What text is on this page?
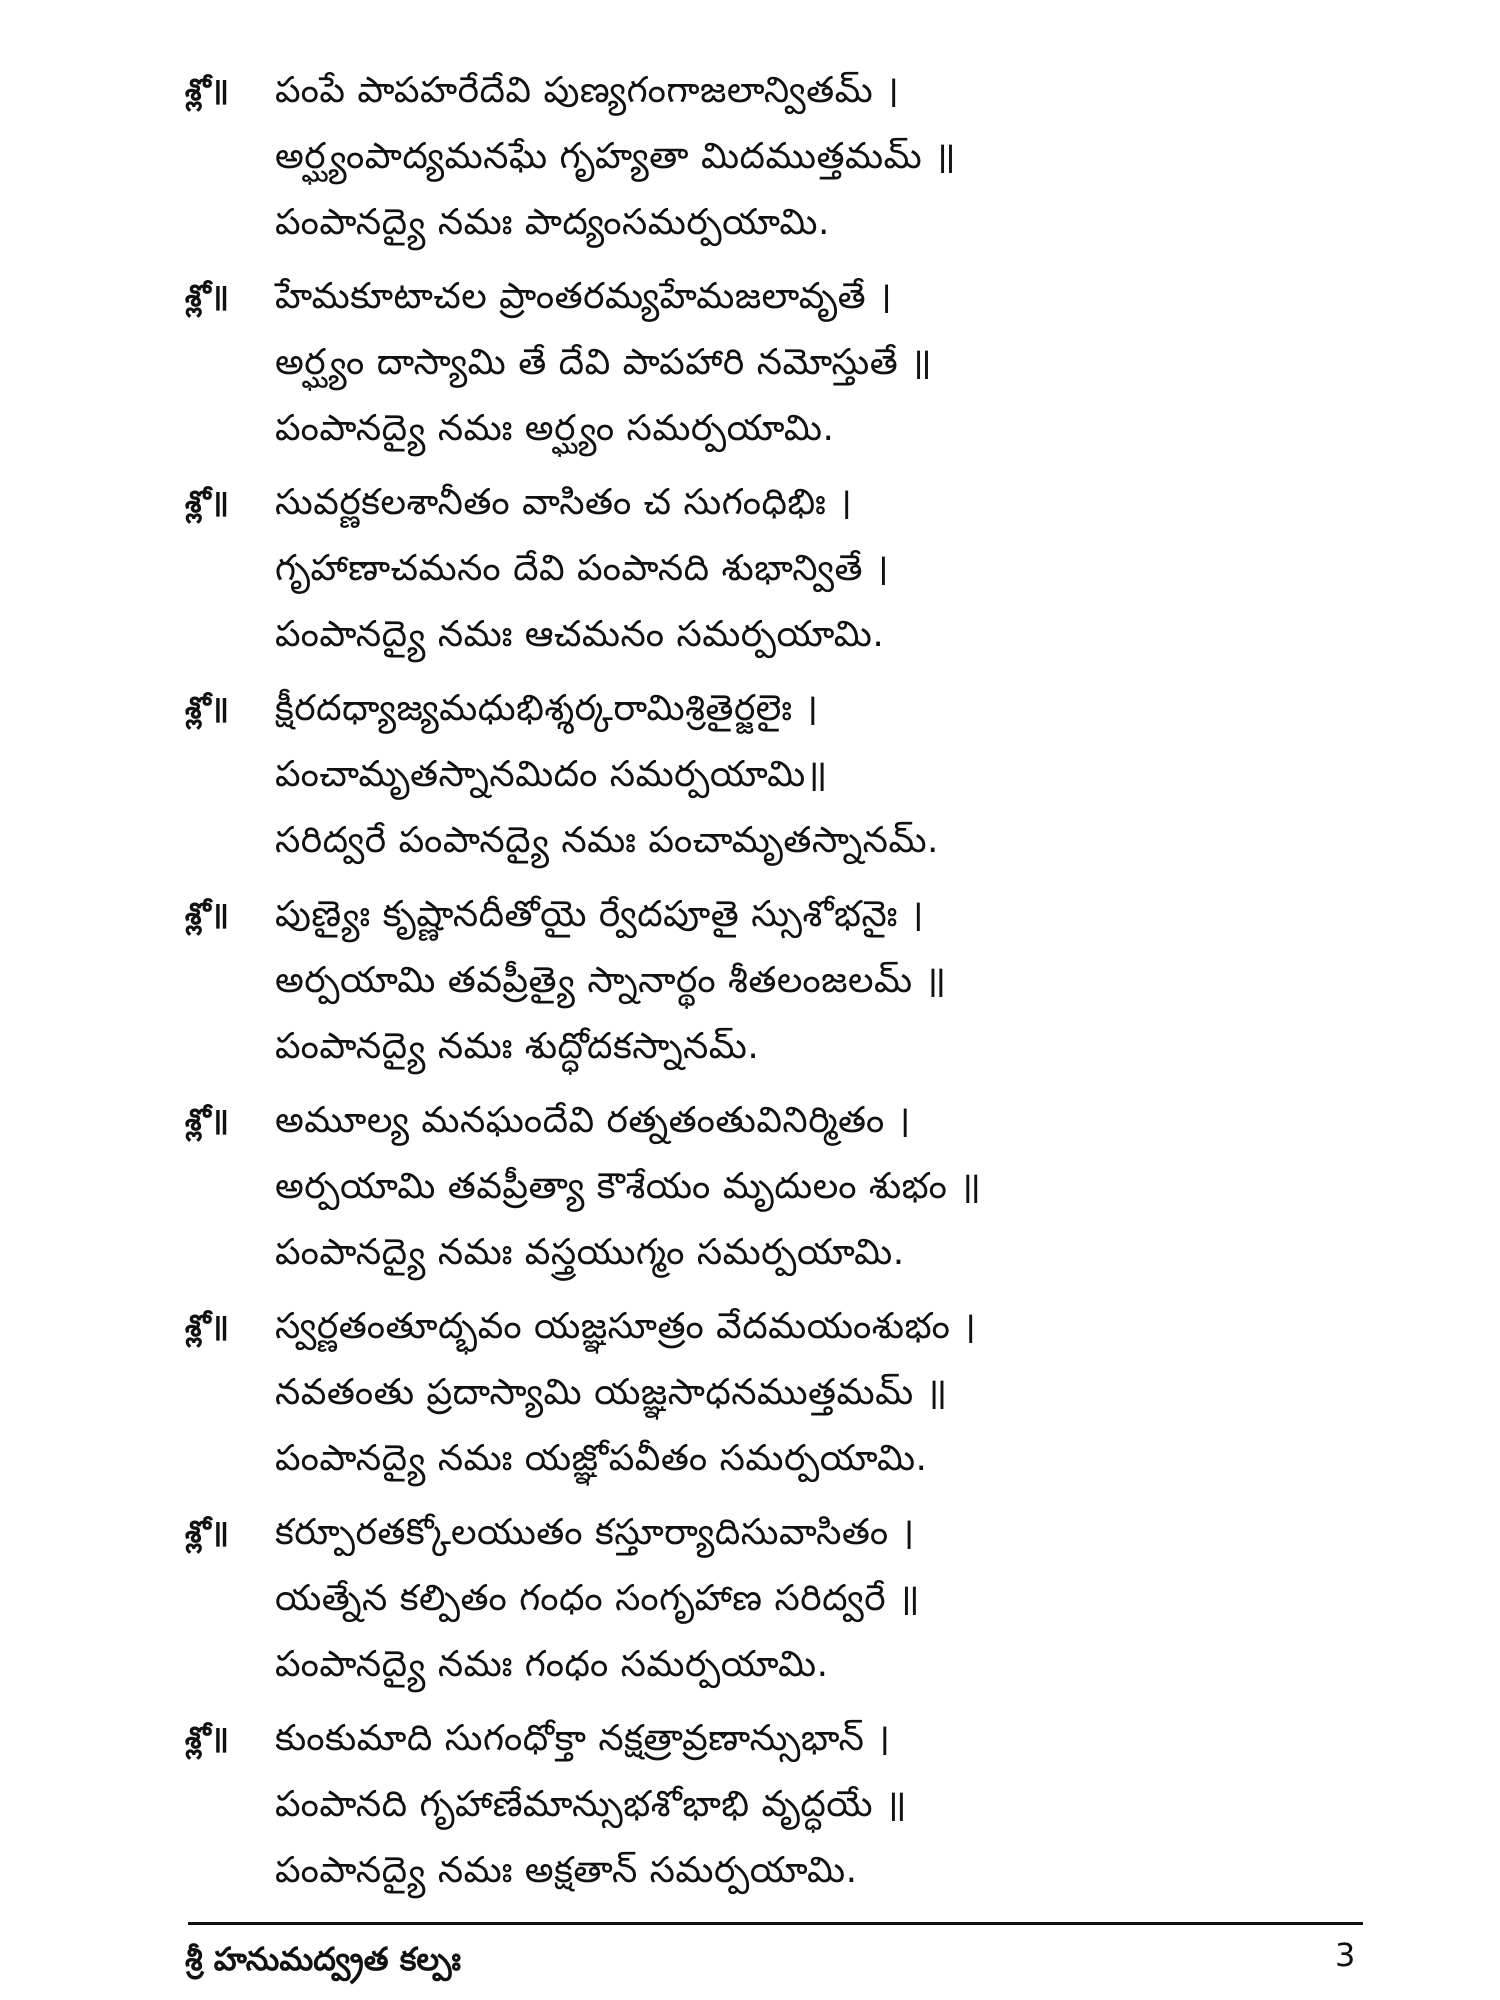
శ్లో॥ పంపే పాపహరేదేవి పుణ్యగంగాజలాన్వితమ్ ।
అర్ఘ్యంపాద్యమనఘే గృహ్యతా మిదముత్తమమ్ ॥
పంపానద్యై నమః పాద్యంసమర్పయామి.
శ్లో॥ హేమకూటాచల ప్రాంతరమ్యహేమజలావృతే ।
అర్ఘ్యం దాస్యామి తే దేవి పాపహారి నమోస్తుతే ॥
పంపానద్యై నమః అర్ఘ్యం సమర్పయామి.
శ్లో॥ సువర్ణకలశానీతం వాసితం చ సుగంధిభిః ।
గృహాణాచమనం దేవి పంపానది శుభాన్వితే ।
పంపానద్యై నమః ఆచమనం సమర్పయామి.
శ్లో॥ క్షీరదధ్యాజ్యమధుభిశ్శర్కరామిశ్రితైర్జలైః ।
పంచామృతస్నానమిదం సమర్పయామి॥
సరిద్వరే పంపానద్యై నమః పంచామృతస్నానమ్.
శ్లో॥ పుణ్యైః కృష్ణానదీతోయై ర్వేదపూతై స్సుశోభనైః ।
అర్పయామి తవప్రీత్యై స్నానార్థం శీతలంజలమ్ ॥
పంపానద్యై నమః శుద్ధోదకస్నానమ్.
శ్లో॥ అమూల్య మనఘందేవి రత్నతంతువినిర్మితం ।
అర్పయామి తవప్రీత్యా కౌశేయం మృదులం శుభం ॥
పంపానద్యై నమః వస్త్రయుగ్మం సమర్పయామి.
శ్లో॥ స్వర్ణతంతూద్భవం యజ్ఞసూత్రం వేదమయంశుభం ।
నవతంతు ప్రదాస్యామి యజ్ఞసాధనముత్తమమ్ ॥
పంపానద్యై నమః యజ్ఞోపవీతం సమర్పయామి.
శ్లో॥ కర్పూరతక్కోలయుతం కస్తూర్యాదిసువాసితం ।
యత్నేన కల్పితం గంధం సంగృహాణ సరిద్వరే ॥
పంపానద్యై నమః గంధం సమర్పయామి.
శ్లో॥ కుంకుమాది సుగంధోక్తా నక్షత్రావ్రణాన్సుభాన్ ।
పంపానది గృహాణేమాన్సుభశోభాభి వృద్ధయే ॥
పంపానద్యై నమః అక్షతాన్ సమర్పయామి.
శ్రీ హనుమద్వ్రత కల్పః	3
